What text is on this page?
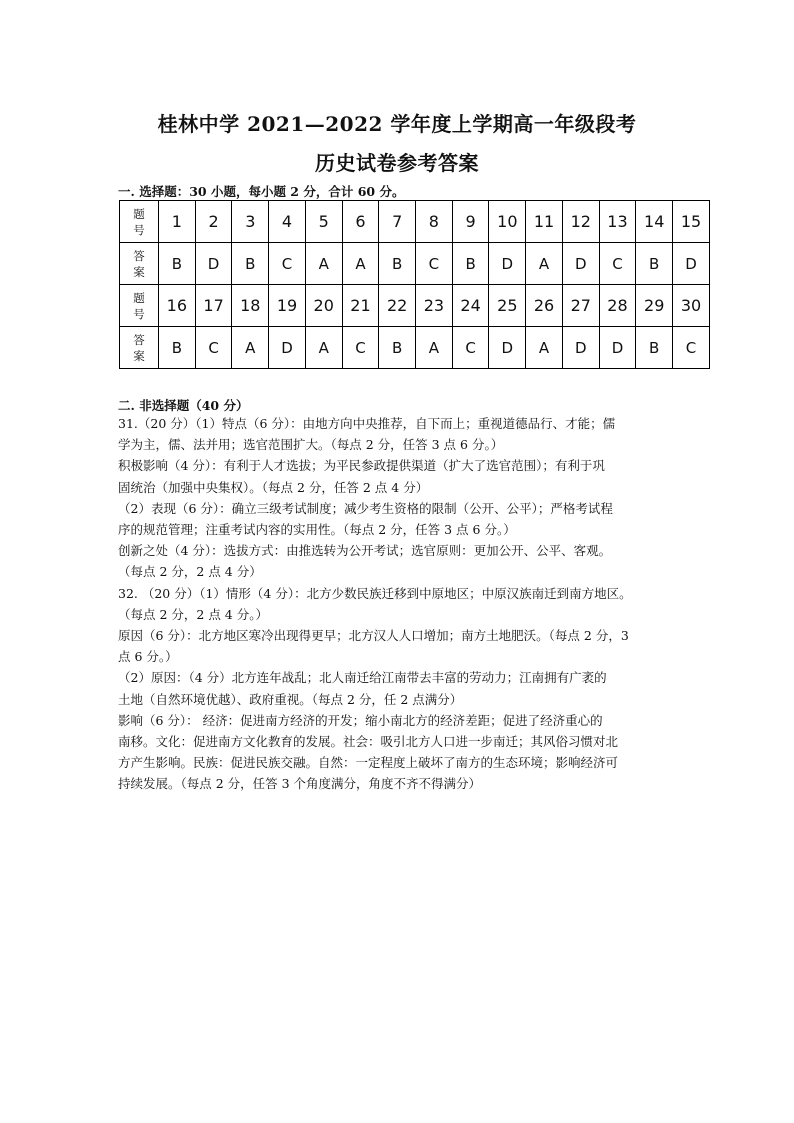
桂林中学 2021—2022 学年度上学期高一年级段考
历史试卷参考答案
一. 选择题：30 小题，每小题 2 分，合计 60 分。
题
号	1	2	3	4	5	6	7	8	9	10	11	12	13	14	15

答
案	B	D	B	C	A	A	B	C	B	D	A	D	C	B	D

题
号	16	17	18	19	20	21	22	23	24	25	26	27	28	29	30

答
案	B	C	A	D	A	C	B	A	C	D	A	D	D	B	C
二. 非选择题（40 分）
31.（20 分）（1）特点（6 分）：由地方向中央推荐，自下而上；重视道德品行、才能；儒
学为主，儒、法并用；选官范围扩大。（每点 2 分，任答 3 点 6 分。）
积极影响（4 分）：有利于人才选拔；为平民参政提供渠道（扩大了选官范围）；有利于巩
固统治（加强中央集权）。（每点 2 分，任答 2 点 4 分）
（2）表现（6 分）：确立三级考试制度；减少考生资格的限制（公开、公平）；严格考试程
序的规范管理；注重考试内容的实用性。（每点 2 分，任答 3 点 6 分。）
创新之处（4 分）：选拔方式：由推选转为公开考试；选官原则：更加公开、公平、客观。
（每点 2 分，2 点 4 分）
32. （20 分）（1）情形（4 分）：北方少数民族迁移到中原地区；中原汉族南迁到南方地区。
（每点 2 分，2 点 4 分。）
原因（6 分）：北方地区寒冷出现得更早；北方汉人人口增加；南方土地肥沃。（每点 2 分，3
点 6 分。）
（2）原因：（4 分）北方连年战乱；北人南迁给江南带去丰富的劳动力；江南拥有广袤的
土地（自然环境优越）、政府重视。（每点 2 分，任 2 点满分）
影响（6 分）： 经济：促进南方经济的开发；缩小南北方的经济差距；促进了经济重心的
南移。文化：促进南方文化教育的发展。社会：吸引北方人口进一步南迁；其风俗习惯对北
方产生影响。民族：促进民族交融。自然：一定程度上破坏了南方的生态环境；影响经济可
持续发展。（每点 2 分，任答 3 个角度满分，角度不齐不得满分）
